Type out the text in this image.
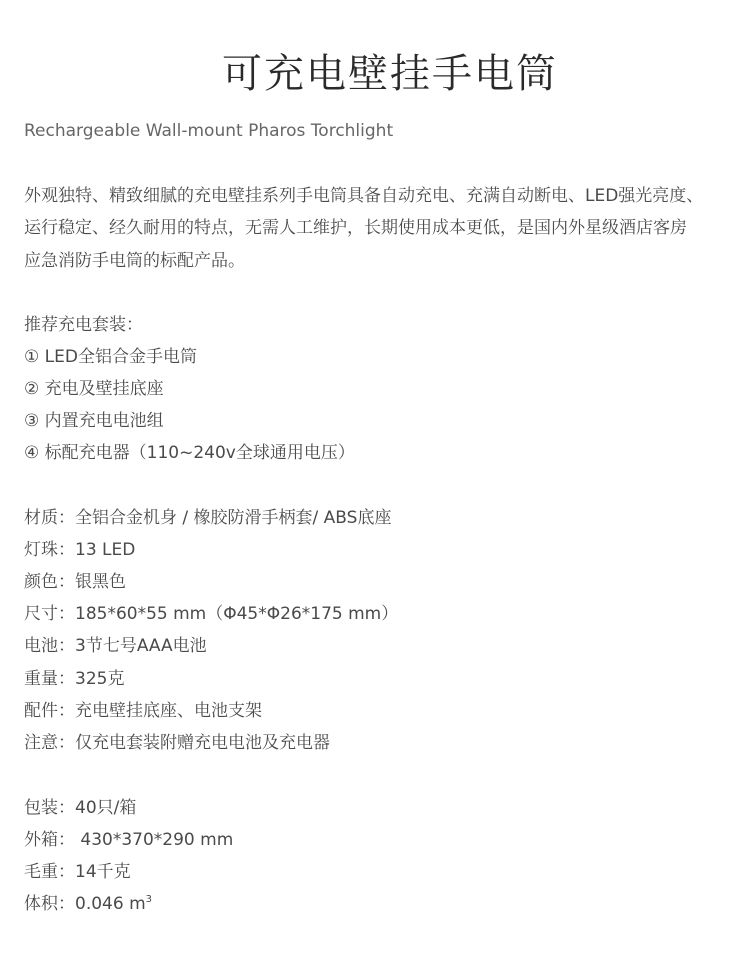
可充电壁挂手电筒
Rechargeable Wall-mount Pharos Torchlight
外观独特、精致细腻的充电壁挂系列手电筒具备自动充电、充满自动断电、LED强光亮度、
运行稳定、经久耐用的特点，无需人工维护，长期使用成本更低，是国内外星级酒店客房
应急消防手电筒的标配产品。
推荐充电套装：
① LED全铝合金手电筒
② 充电及壁挂底座
③ 内置充电电池组
④ 标配充电器（110~240v全球通用电压）
材质：全铝合金机身 / 橡胶防滑手柄套/ ABS底座
灯珠：13 LED
颜色：银黑色
尺寸：185*60*55 mm（Φ45*Φ26*175 mm）
电池：3节七号AAA电池
重量：325克
配件：充电壁挂底座、电池支架
注意：仅充电套装附赠充电电池及充电器
包装：40只/箱
外箱： 430*370*290 mm
毛重：14千克
体积：0.046 $m^3$
